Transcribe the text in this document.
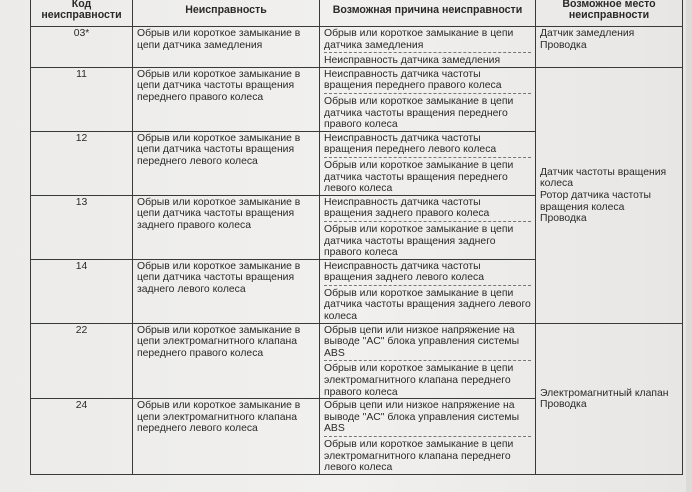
Код неисправности	Неисправность	Возможная причина неисправности	Возможное место неисправности
03*	Обрыв или короткое замыкание в цепи датчика замедления	Обрыв или короткое замыкание в цепи датчика замедления
Неисправность датчика замедления	Датчик замедления
Проводка

11	Обрыв или короткое замыкание в цепи датчика частоты вращения переднего правого колеса	Неисправность датчика частоты вращения переднего правого колеса
Обрыв или короткое замыкание в цепи датчика частоты вращения переднего правого колеса	Датчик частоты вращения колеса
Ротор датчика частоты вращения колеса
Проводка

12	Обрыв или короткое замыкание в цепи датчика частоты вращения переднего левого колеса	Неисправность датчика частоты вращения переднего левого колеса
Обрыв или короткое замыкание в цепи датчика частоты вращения переднего левого колеса	

13	Обрыв или короткое замыкание в цепи датчика частоты вращения заднего правого колеса	Неисправность датчика частоты вращения заднего правого колеса
Обрыв или короткое замыкание в цепи датчика частоты вращения заднего правого колеса	

14	Обрыв или короткое замыкание в цепи датчика частоты вращения заднего левого колеса	Неисправность датчика частоты вращения заднего левого колеса
Обрыв или короткое замыкание в цепи датчика частоты вращения заднего левого колеса	

22	Обрыв или короткое замыкание в цепи электромагнитного клапана переднего правого колеса	Обрыв цепи или низкое напряжение на выводе "AC" блока управления системы ABS
Обрыв или короткое замыкание в цепи электромагнитного клапана переднего правого колеса	Электромагнитный клапан
Проводка

24	Обрыв или короткое замыкание в цепи электромагнитного клапана переднего левого колеса	Обрыв цепи или низкое напряжение на выводе "AC" блока управления системы ABS
Обрыв или короткое замыкание в цепи электромагнитного клапана переднего левого колеса	
